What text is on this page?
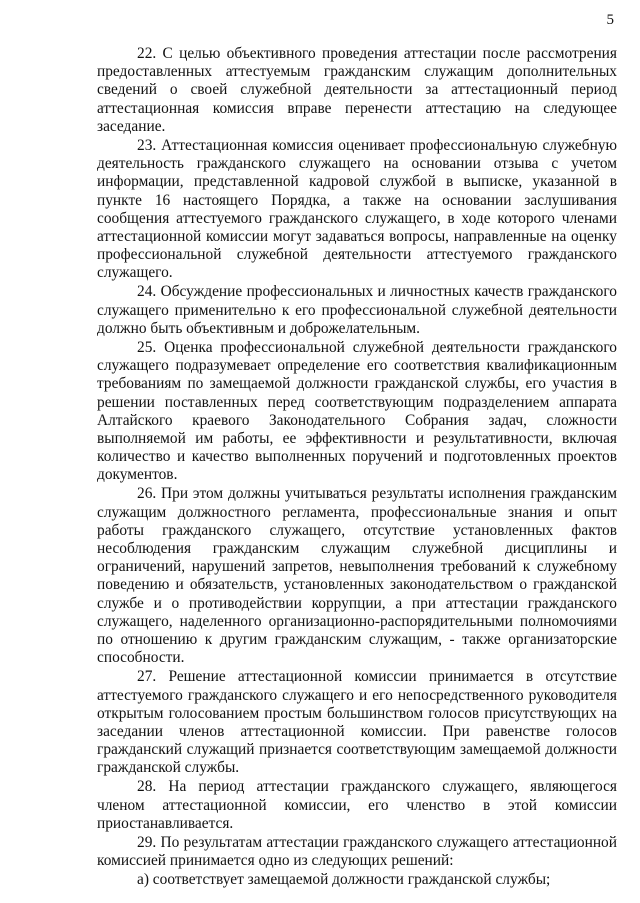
5

22. С целью объективного проведения аттестации после рассмотрения предоставленных аттестуемым гражданским служащим дополнительных сведений о своей служебной деятельности за аттестационный период аттестационная комиссия вправе перенести аттестацию на следующее заседание.

23. Аттестационная комиссия оценивает профессиональную служебную деятельность гражданского служащего на основании отзыва с учетом информации, представленной кадровой службой в выписке, указанной в пункте 16 настоящего Порядка, а также на основании заслушивания сообщения аттестуемого гражданского служащего, в ходе которого членами аттестационной комиссии могут задаваться вопросы, направленные на оценку профессиональной служебной деятельности аттестуемого гражданского служащего.

24. Обсуждение профессиональных и личностных качеств гражданского служащего применительно к его профессиональной служебной деятельности должно быть объективным и доброжелательным.

25. Оценка профессиональной служебной деятельности гражданского служащего подразумевает определение его соответствия квалификационным требованиям по замещаемой должности гражданской службы, его участия в решении поставленных перед соответствующим подразделением аппарата Алтайского краевого Законодательного Собрания задач, сложности выполняемой им работы, ее эффективности и результативности, включая количество и качество выполненных поручений и подготовленных проектов документов.

26. При этом должны учитываться результаты исполнения гражданским служащим должностного регламента, профессиональные знания и опыт работы гражданского служащего, отсутствие установленных фактов несоблюдения гражданским служащим служебной дисциплины и ограничений, нарушений запретов, невыполнения требований к служебному поведению и обязательств, установленных законодательством о гражданской службе и о противодействии коррупции, а при аттестации гражданского служащего, наделенного организационно-распорядительными полномочиями по отношению к другим гражданским служащим, - также организаторские способности.

27. Решение аттестационной комиссии принимается в отсутствие аттестуемого гражданского служащего и его непосредственного руководителя открытым голосованием простым большинством голосов присутствующих на заседании членов аттестационной комиссии. При равенстве голосов гражданский служащий признается соответствующим замещаемой должности гражданской службы.

28. На период аттестации гражданского служащего, являющегося членом аттестационной комиссии, его членство в этой комиссии приостанавливается.

29. По результатам аттестации гражданского служащего аттестационной комиссией принимается одно из следующих решений:

а) соответствует замещаемой должности гражданской службы;
